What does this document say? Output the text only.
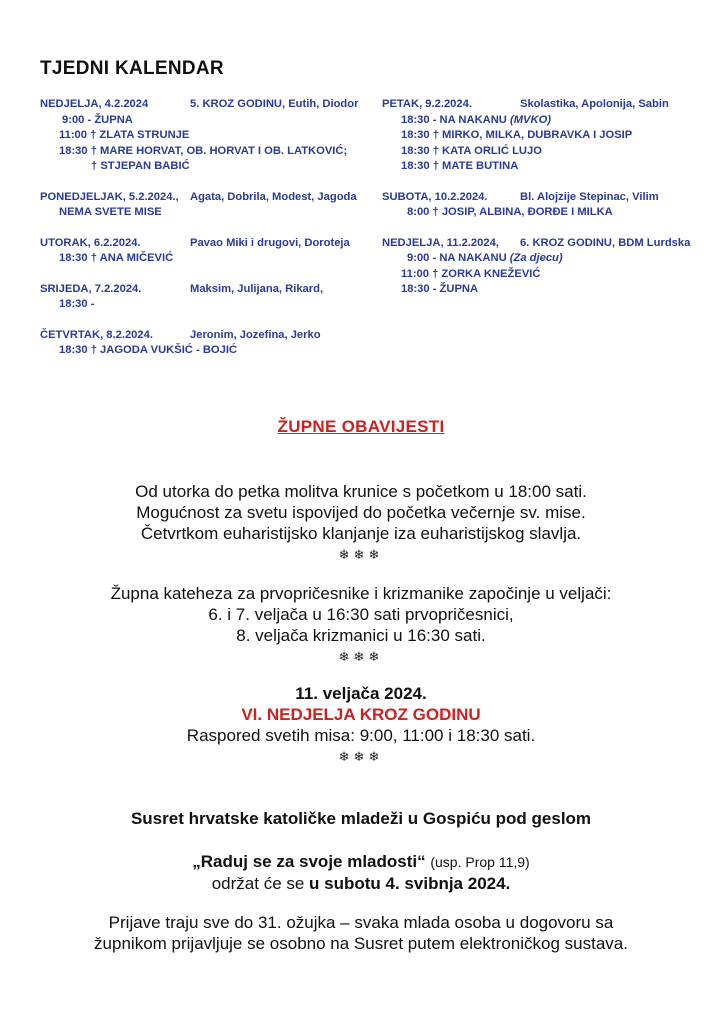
TJEDNI KALENDAR
NEDJELJA, 4.2.2024	5. KROZ GODINU, Eutih, Diodor
9:00 - ŽUPNA
11:00 † ZLATA STRUNJE
18:30 † MARE HORVAT, OB. HORVAT I OB. LATKOVIĆ;
† STJEPAN BABIĆ
PONEDJELJAK, 5.2.2024., Agata, Dobrila, Modest, Jagoda
NEMA SVETE MISE
UTORAK, 6.2.2024.	Pavao Miki i drugovi, Doroteja
18:30 † ANA MIČEVIĆ
SRIJEDA, 7.2.2024.	Maksim, Julijana, Rikard,
18:30 -
ČETVRTAK, 8.2.2024.	Jeronim, Jozefina, Jerko
18:30 † JAGODA VUKŠIĆ - BOJIĆ
PETAK, 9.2.2024.	Skolastika, Apolonija, Sabin
18:30 - NA NAKANU (MVKO)
18:30 † MIRKO, MILKA, DUBRAVKA I JOSIP
18:30 † KATA ORLIĆ LUJO
18:30 † MATE BUTINA
SUBOTA, 10.2.2024.	Bl. Alojzije Stepinac, Vilim
8:00 † JOSIP, ALBINA, ĐORĐE I MILKA
NEDJELJA, 11.2.2024, 6. KROZ GODINU, BDM Lurdska
9:00 - NA NAKANU (Za djecu)
11:00 † ZORKA KNEŽEVIĆ
18:30 - ŽUPNA
ŽUPNE OBAVIJESTI
Od utorka do petka molitva krunice s početkom u 18:00 sati.
Mogućnost za svetu ispovijed do početka večernje sv. mise.
Četvrtkom euharistijsko klanjanje iza euharistijskog slavlja.
❄❄❄
Župna kateheza za prvopričesnike i krizmanike započinje u veljači:
6. i 7. veljača u 16:30 sati prvopričesnici,
8. veljača krizmanici u 16:30 sati.
❄❄❄
11. veljača 2024.
VI. NEDJELJA KROZ GODINU
Raspored svetih misa: 9:00, 11:00 i 18:30 sati.
❄❄❄
Susret hrvatske katoličke mladeži u Gospiću pod geslom
„Raduj se za svoje mladosti“ (usp. Prop 11,9)
održat će se u subotu 4. svibnja 2024.
Prijave traju sve do 31. ožujka – svaka mlada osoba u dogovoru sa
župnikom prijavljuje se osobno na Susret putem elektroničkog sustava.
